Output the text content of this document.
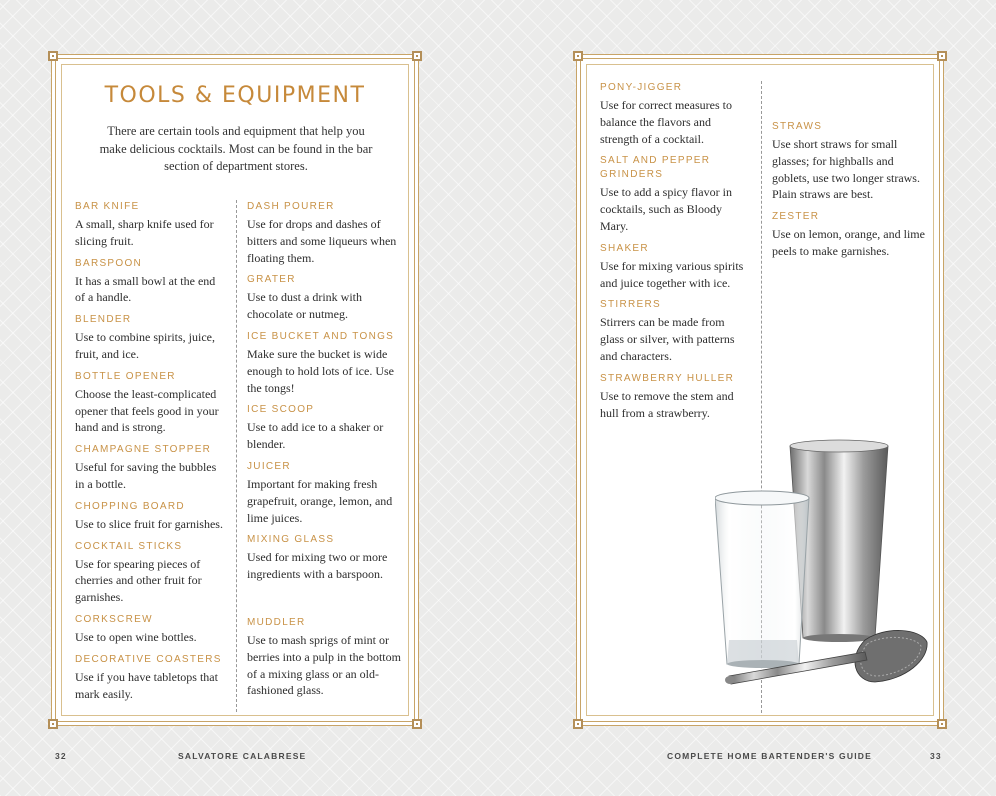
TOOLS & EQUIPMENT
There are certain tools and equipment that help you make delicious cocktails. Most can be found in the bar section of department stores.
BAR KNIFE
A small, sharp knife used for slicing fruit.
BARSPOON
It has a small bowl at the end of a handle.
BLENDER
Use to combine spirits, juice, fruit, and ice.
BOTTLE OPENER
Choose the least-complicated opener that feels good in your hand and is strong.
CHAMPAGNE STOPPER
Useful for saving the bubbles in a bottle.
CHOPPING BOARD
Use to slice fruit for garnishes.
COCKTAIL STICKS
Use for spearing pieces of cherries and other fruit for garnishes.
CORKSCREW
Use to open wine bottles.
DECORATIVE COASTERS
Use if you have tabletops that mark easily.
DASH POURER
Use for drops and dashes of bitters and some liqueurs when floating them.
GRATER
Use to dust a drink with chocolate or nutmeg.
ICE BUCKET AND TONGS
Make sure the bucket is wide enough to hold lots of ice. Use the tongs!
ICE SCOOP
Use to add ice to a shaker or blender.
JUICER
Important for making fresh grapefruit, orange, lemon, and lime juices.
MIXING GLASS
Used for mixing two or more ingredients with a barspoon.
MUDDLER
Use to mash sprigs of mint or berries into a pulp in the bottom of a mixing glass or an old-fashioned glass.
PONY-JIGGER
Use for correct measures to balance the flavors and strength of a cocktail.
SALT AND PEPPER GRINDERS
Use to add a spicy flavor in cocktails, such as Bloody Mary.
SHAKER
Use for mixing various spirits and juice together with ice.
STIRRERS
Stirrers can be made from glass or silver, with patterns and characters.
STRAWBERRY HULLER
Use to remove the stem and hull from a strawberry.
STRAWS
Use short straws for small glasses; for highballs and goblets, use two longer straws. Plain straws are best.
ZESTER
Use on lemon, orange, and lime peels to make garnishes.
32	SALVATORE CALABRESE	COMPLETE HOME BARTENDER'S GUIDE	33
